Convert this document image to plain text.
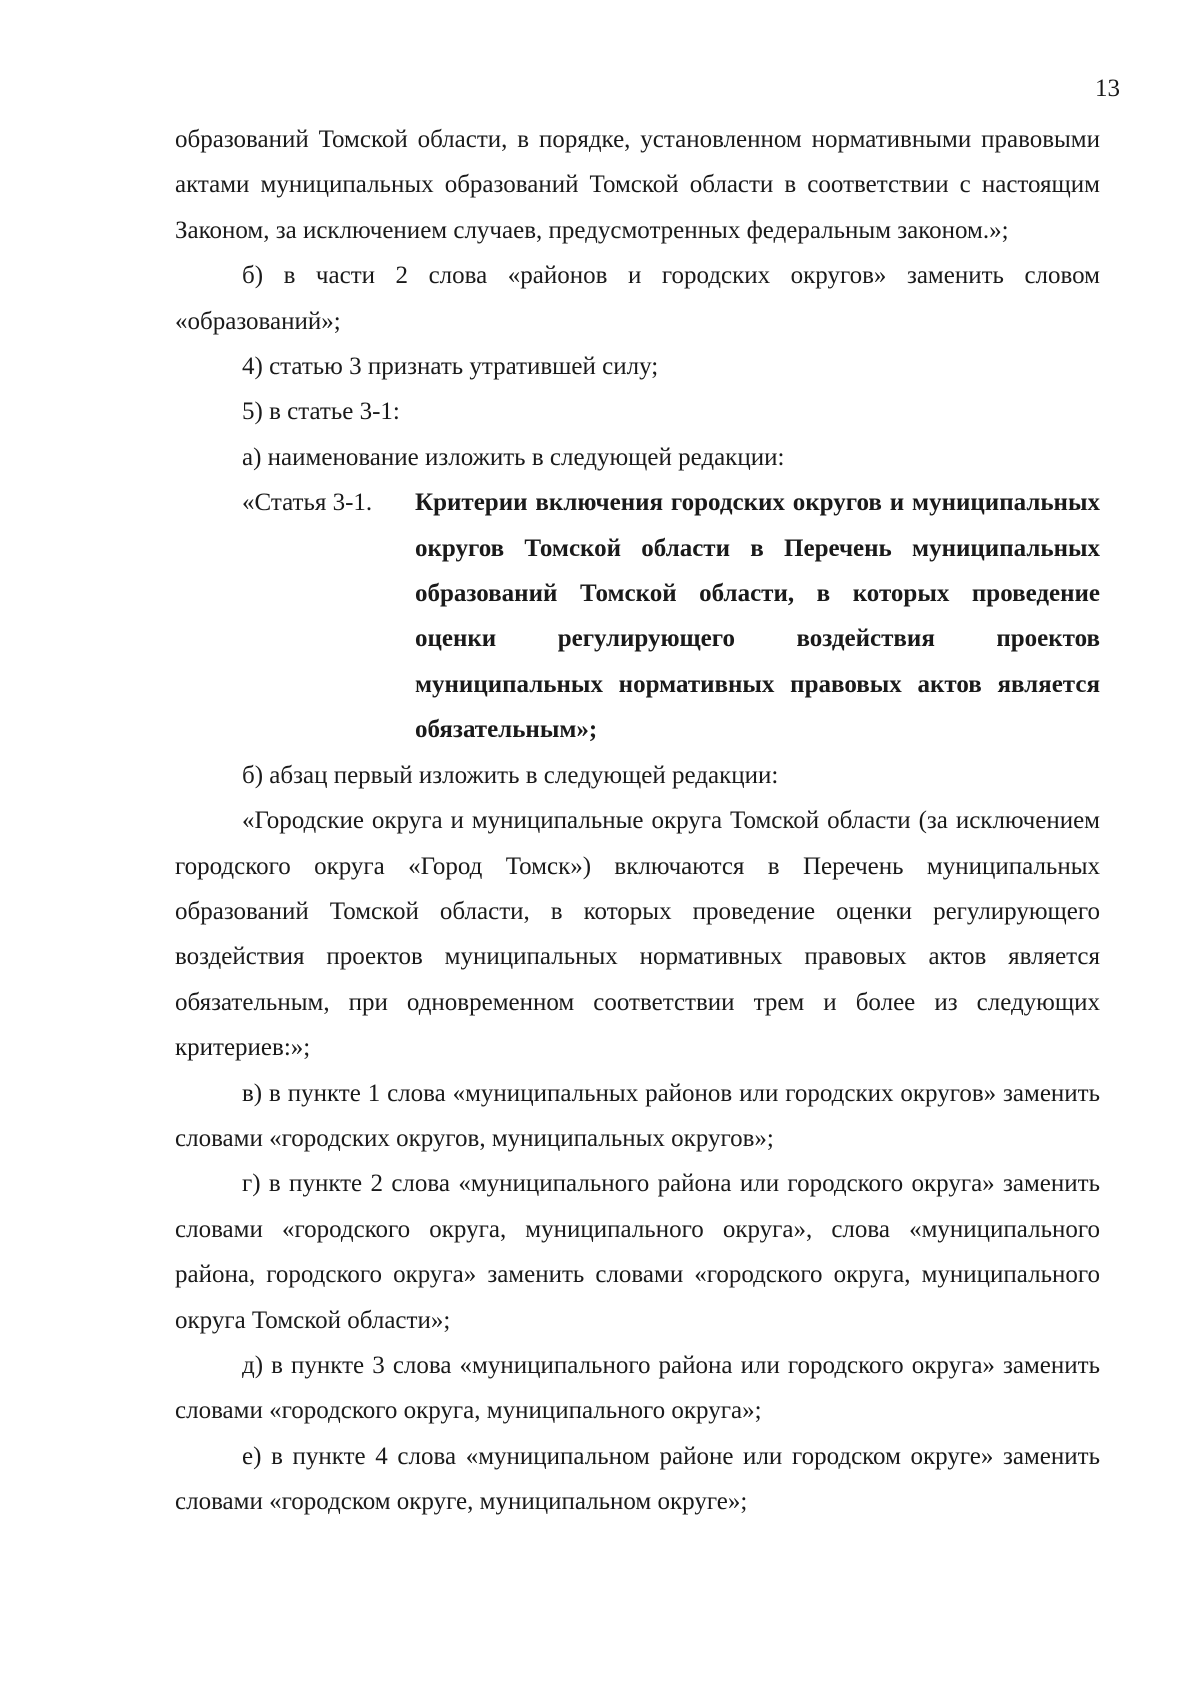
13

образований Томской области, в порядке, установленном нормативными правовыми актами муниципальных образований Томской области в соответствии с настоящим Законом, за исключением случаев, предусмотренных федеральным законом.»;

б) в части 2 слова «районов и городских округов» заменить словом «образований»;

4) статью 3 признать утратившей силу;

5) в статье 3-1:

а) наименование изложить в следующей редакции:

«Статья 3-1.	Критерии включения городских округов и муниципальных округов Томской области в Перечень муниципальных образований Томской области, в которых проведение оценки регулирующего воздействия проектов муниципальных нормативных правовых актов является обязательным»;

б) абзац первый изложить в следующей редакции:

«Городские округа и муниципальные округа Томской области (за исключением городского округа «Город Томск») включаются в Перечень муниципальных образований Томской области, в которых проведение оценки регулирующего воздействия проектов муниципальных нормативных правовых актов является обязательным, при одновременном соответствии трем и более из следующих критериев:»;

в) в пункте 1 слова «муниципальных районов или городских округов» заменить словами «городских округов, муниципальных округов»;

г) в пункте 2 слова «муниципального района или городского округа» заменить словами «городского округа, муниципального округа», слова «муниципального района, городского округа» заменить словами «городского округа, муниципального округа Томской области»;

д) в пункте 3 слова «муниципального района или городского округа» заменить словами «городского округа, муниципального округа»;

е) в пункте 4 слова «муниципальном районе или городском округе» заменить словами «городском округе, муниципальном округе»;
